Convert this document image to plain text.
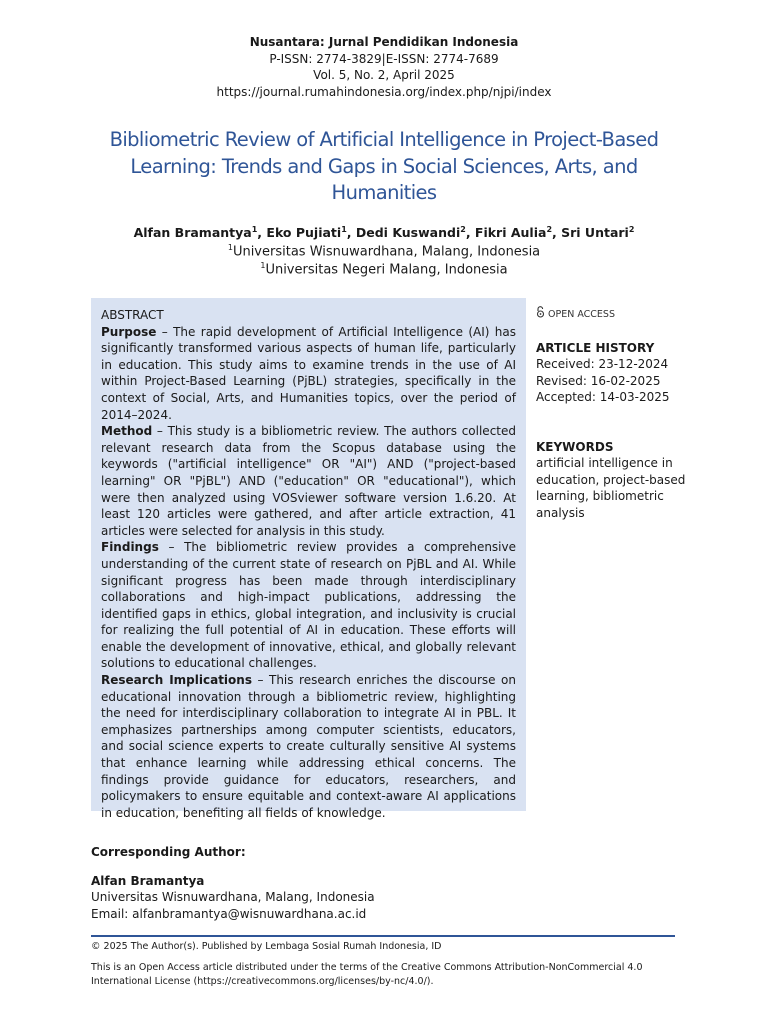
Nusantara: Jurnal Pendidikan Indonesia
P-ISSN: 2774-3829|E-ISSN: 2774-7689
Vol. 5, No. 2, April 2025
https://journal.rumahindonesia.org/index.php/njpi/index
Bibliometric Review of Artificial Intelligence in Project-Based Learning: Trends and Gaps in Social Sciences, Arts, and Humanities
Alfan Bramantya$^1$, Eko Pujiati$^1$, Dedi Kuswandi$^2$, Fikri Aulia$^2$, Sri Untari$^2$
$^1$Universitas Wisnuwardhana, Malang, Indonesia
$^1$Universitas Negeri Malang, Indonesia
ABSTRACT

Purpose – The rapid development of Artificial Intelligence (AI) has significantly transformed various aspects of human life, particularly in education. This study aims to examine trends in the use of AI within Project-Based Learning (PjBL) strategies, specifically in the context of Social, Arts, and Humanities topics, over the period of 2014–2024.

Method – This study is a bibliometric review. The authors collected relevant research data from the Scopus database using the keywords ("artificial intelligence" OR "AI") AND ("project-based learning" OR "PjBL") AND ("education" OR "educational"), which were then analyzed using VOSviewer software version 1.6.20. At least 120 articles were gathered, and after article extraction, 41 articles were selected for analysis in this study.

Findings – The bibliometric review provides a comprehensive understanding of the current state of research on PjBL and AI. While significant progress has been made through interdisciplinary collaborations and high-impact publications, addressing the identified gaps in ethics, global integration, and inclusivity is crucial for realizing the full potential of AI in education. These efforts will enable the development of innovative, ethical, and globally relevant solutions to educational challenges.

Research Implications – This research enriches the discourse on educational innovation through a bibliometric review, highlighting the need for interdisciplinary collaboration to integrate AI in PBL. It emphasizes partnerships among computer scientists, educators, and social science experts to create culturally sensitive AI systems that enhance learning while addressing ethical concerns. The findings provide guidance for educators, researchers, and policymakers to ensure equitable and context-aware AI applications in education, benefiting all fields of knowledge.

OPEN ACCESS
ARTICLE HISTORY
Received: 23-12-2024
Revised: 16-02-2025
Accepted: 14-03-2025
KEYWORDS
artificial intelligence in education, project-based learning, bibliometric analysis
Corresponding Author:
Alfan Bramantya
Universitas Wisnuwardhana, Malang, Indonesia
Email: alfanbramantya@wisnuwardhana.ac.id
© 2025 The Author(s). Published by Lembaga Sosial Rumah Indonesia, ID
This is an Open Access article distributed under the terms of the Creative Commons Attribution-NonCommercial 4.0 International License (https://creativecommons.org/licenses/by-nc/4.0/).
